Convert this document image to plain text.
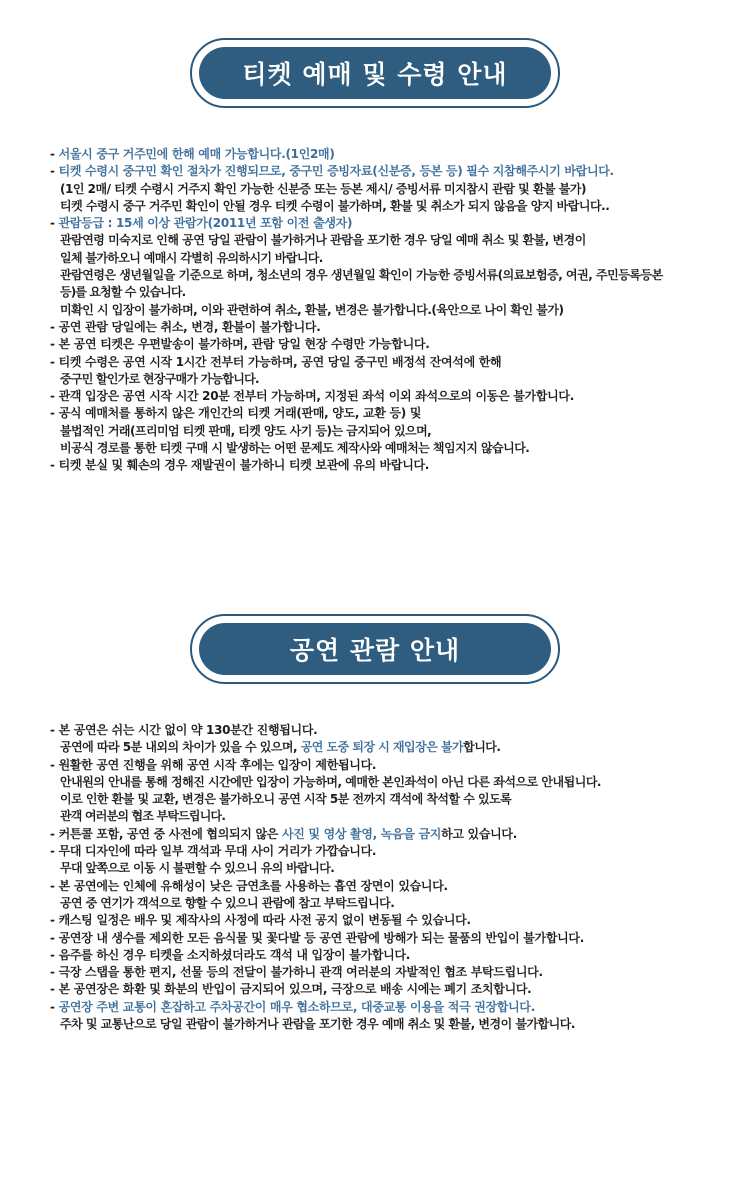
티켓 예매 및 수령 안내
- 서울시 중구 거주민에 한해 예매 가능합니다.(1인2매)
- 티켓 수령시 중구민 확인 절차가 진행되므로, 중구민 증빙자료(신분증, 등본 등) 필수 지참해주시기 바랍니다.
(1인 2매/ 티켓 수령시 거주지 확인 가능한 신분증 또는 등본 제시/ 증빙서류 미지참시 관람 및 환불 불가)
티켓 수령시 중구 거주민 확인이 안될 경우 티켓 수령이 불가하며, 환불 및 취소가 되지 않음을 양지 바랍니다..
- 관람등급 : 15세 이상 관람가(2011년 포함 이전 출생자)
관람연령 미숙지로 인해 공연 당일 관람이 불가하거나 관람을 포기한 경우 당일 예매 취소 및 환불, 변경이
일체 불가하오니 예매시 각별히 유의하시기 바랍니다.
관람연령은 생년월일을 기준으로 하며, 청소년의 경우 생년월일 확인이 가능한 증빙서류(의료보험증, 여권, 주민등록등본
등)를 요청할 수 있습니다.
미확인 시 입장이 불가하며, 이와 관련하여 취소, 환불, 변경은 불가합니다.(육안으로 나이 확인 불가)
- 공연 관람 당일에는 취소, 변경, 환불이 불가합니다.
- 본 공연 티켓은 우편발송이 불가하며, 관람 당일 현장 수령만 가능합니다.
- 티켓 수령은 공연 시작 1시간 전부터 가능하며, 공연 당일 중구민 배정석 잔여석에 한해
중구민 할인가로 현장구매가 가능합니다.
- 관객 입장은 공연 시작 시간 20분 전부터 가능하며, 지정된 좌석 이외 좌석으로의 이동은 불가합니다.
- 공식 예매처를 통하지 않은 개인간의 티켓 거래(판매, 양도, 교환 등) 및
불법적인 거래(프리미엄 티켓 판매, 티켓 양도 사기 등)는 금지되어 있으며,
비공식 경로를 통한 티켓 구매 시 발생하는 어떤 문제도 제작사와 예매처는 책임지지 않습니다.
- 티켓 분실 및 훼손의 경우 재발권이 불가하니 티켓 보관에 유의 바랍니다.
공연 관람 안내
- 본 공연은 쉬는 시간 없이 약 130분간 진행됩니다.
공연에 따라 5분 내외의 차이가 있을 수 있으며, 공연 도중 퇴장 시 재입장은 불가합니다.
- 원활한 공연 진행을 위해 공연 시작 후에는 입장이 제한됩니다.
안내원의 안내를 통해 정해진 시간에만 입장이 가능하며, 예매한 본인좌석이 아닌 다른 좌석으로 안내됩니다.
이로 인한 환불 및 교환, 변경은 불가하오니 공연 시작 5분 전까지 객석에 착석할 수 있도록
관객 여러분의 협조 부탁드립니다.
- 커튼콜 포함, 공연 중 사전에 협의되지 않은 사진 및 영상 촬영, 녹음을 금지하고 있습니다.
- 무대 디자인에 따라 일부 객석과 무대 사이 거리가 가깝습니다.
무대 앞쪽으로 이동 시 불편할 수 있으니 유의 바랍니다.
- 본 공연에는 인체에 유해성이 낮은 금연초를 사용하는 흡연 장면이 있습니다.
공연 중 연기가 객석으로 향할 수 있으니 관람에 참고 부탁드립니다.
- 캐스팅 일정은 배우 및 제작사의 사정에 따라 사전 공지 없이 변동될 수 있습니다.
- 공연장 내 생수를 제외한 모든 음식물 및 꽃다발 등 공연 관람에 방해가 되는 물품의 반입이 불가합니다.
- 음주를 하신 경우 티켓을 소지하셨더라도 객석 내 입장이 불가합니다.
- 극장 스탭을 통한 편지, 선물 등의 전달이 불가하니 관객 여러분의 자발적인 협조 부탁드립니다.
- 본 공연장은 화환 및 화분의 반입이 금지되어 있으며, 극장으로 배송 시에는 폐기 조치합니다.
- 공연장 주변 교통이 혼잡하고 주차공간이 매우 협소하므로, 대중교통 이용을 적극 권장합니다.
주차 및 교통난으로 당일 관람이 불가하거나 관람을 포기한 경우 예매 취소 및 환불, 변경이 불가합니다.
